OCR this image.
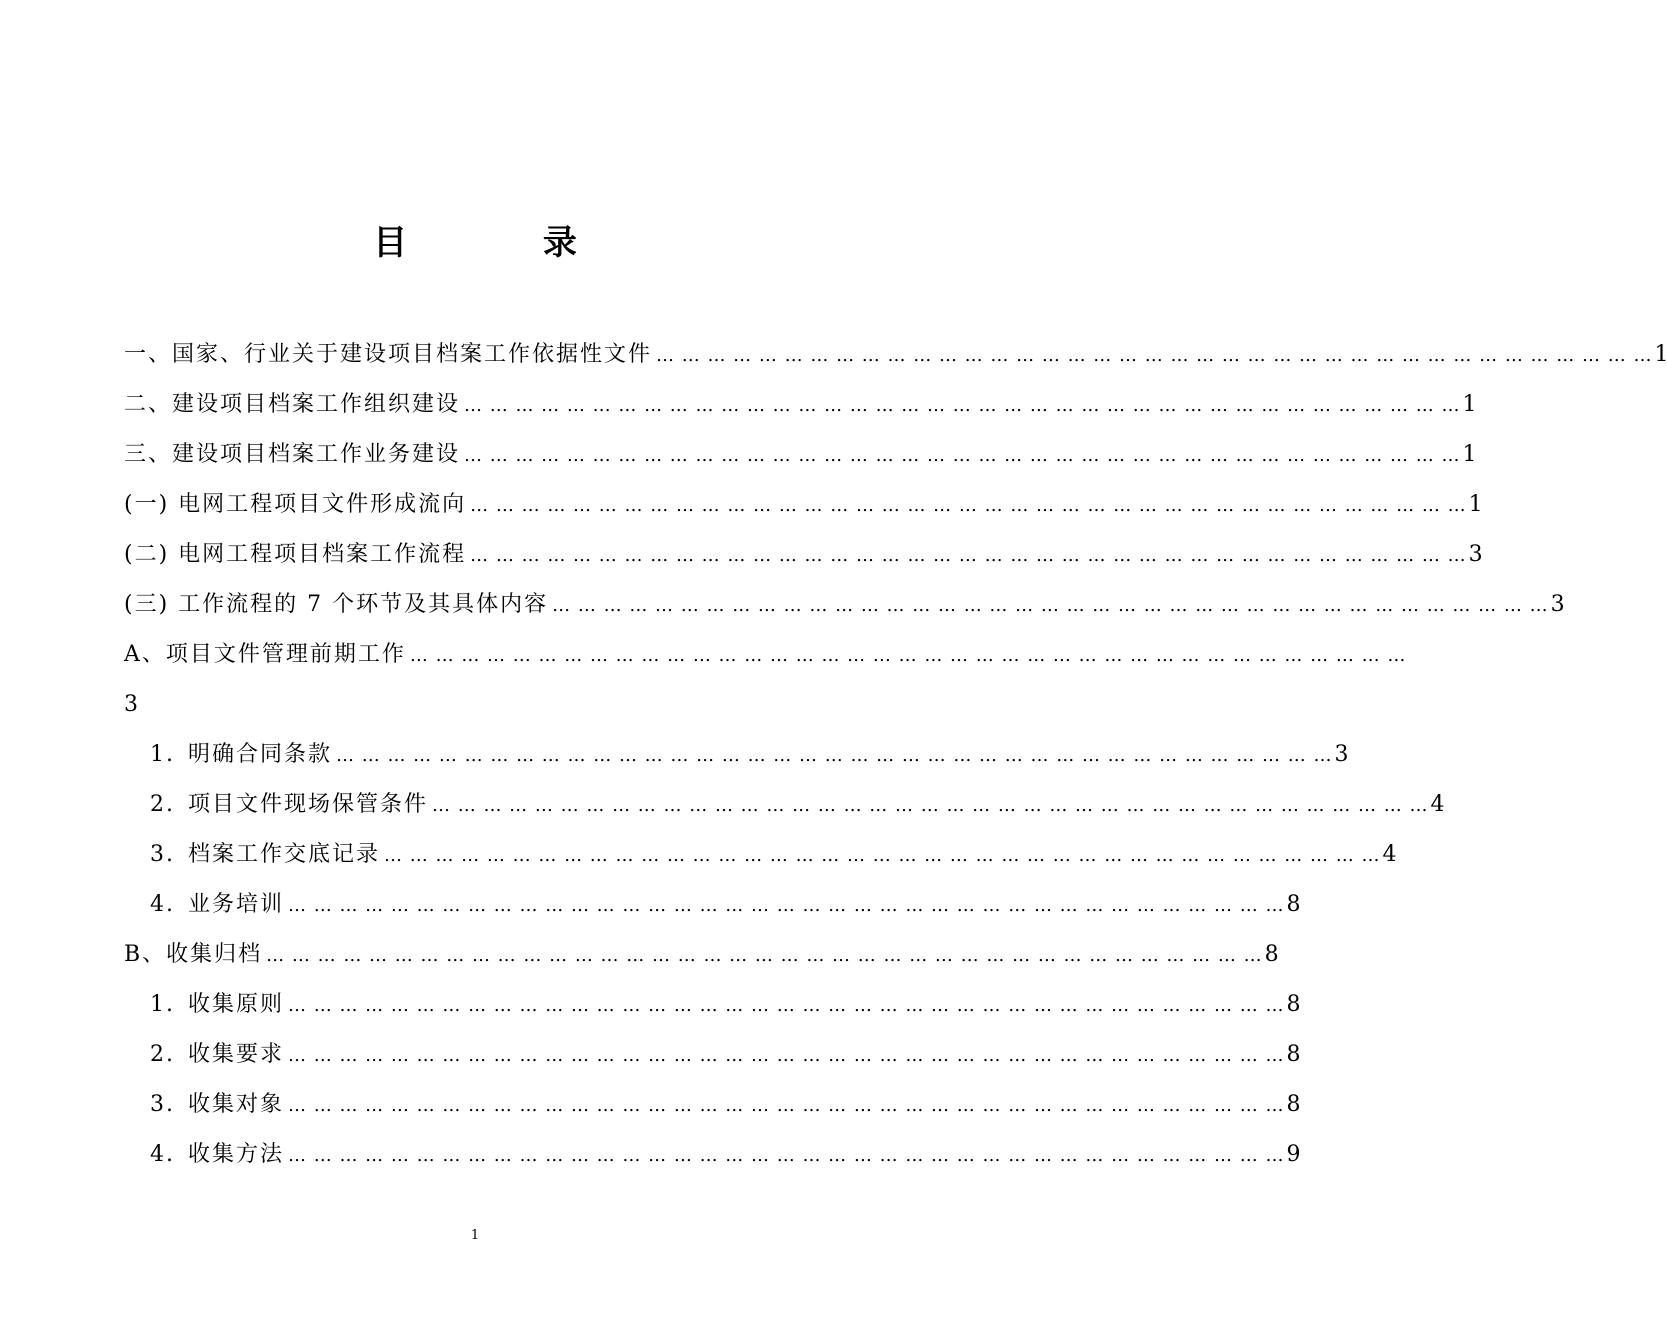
目 录
一、国家、行业关于建设项目档案工作依据性文件 … … … … … … … … … … … … … … … … … … … … … … … … … … … … … … … … … … … … … … … 1
二、建设项目档案工作组织建设 … … … … … … … … … … … … … … … … … … … … … … … … … … … … … … … … … … … … … … … 1
三、建设项目档案工作业务建设 … … … … … … … … … … … … … … … … … … … … … … … … … … … … … … … … … … … … … … … 1
(一) 电网工程项目文件形成流向 … … … … … … … … … … … … … … … … … … … … … … … … … … … … … … … … … … … … … … … 1
(二) 电网工程项目档案工作流程 … … … … … … … … … … … … … … … … … … … … … … … … … … … … … … … … … … … … … … … 3
(三) 工作流程的 7 个环节及其具体内容 … … … … … … … … … … … … … … … … … … … … … … … … … … … … … … … … … … … … … … … 3
A、项目文件管理前期工作 … … … … … … … … … … … … … … … … … … … … … … … … … … … … … … … … … … … … … … …
3
1. 明确合同条款 … … … … … … … … … … … … … … … … … … … … … … … … … … … … … … … … … … … … … … … 3
2. 项目文件现场保管条件 … … … … … … … … … … … … … … … … … … … … … … … … … … … … … … … … … … … … … … … 4
3. 档案工作交底记录 … … … … … … … … … … … … … … … … … … … … … … … … … … … … … … … … … … … … … … … 4
4. 业务培训 … … … … … … … … … … … … … … … … … … … … … … … … … … … … … … … … … … … … … … … 8
B、收集归档 … … … … … … … … … … … … … … … … … … … … … … … … … … … … … … … … … … … … … … … 8
1. 收集原则 … … … … … … … … … … … … … … … … … … … … … … … … … … … … … … … … … … … … … … … 8
2. 收集要求 … … … … … … … … … … … … … … … … … … … … … … … … … … … … … … … … … … … … … … … 8
3. 收集对象 … … … … … … … … … … … … … … … … … … … … … … … … … … … … … … … … … … … … … … … 8
4. 收集方法 … … … … … … … … … … … … … … … … … … … … … … … … … … … … … … … … … … … … … … … 9
1
